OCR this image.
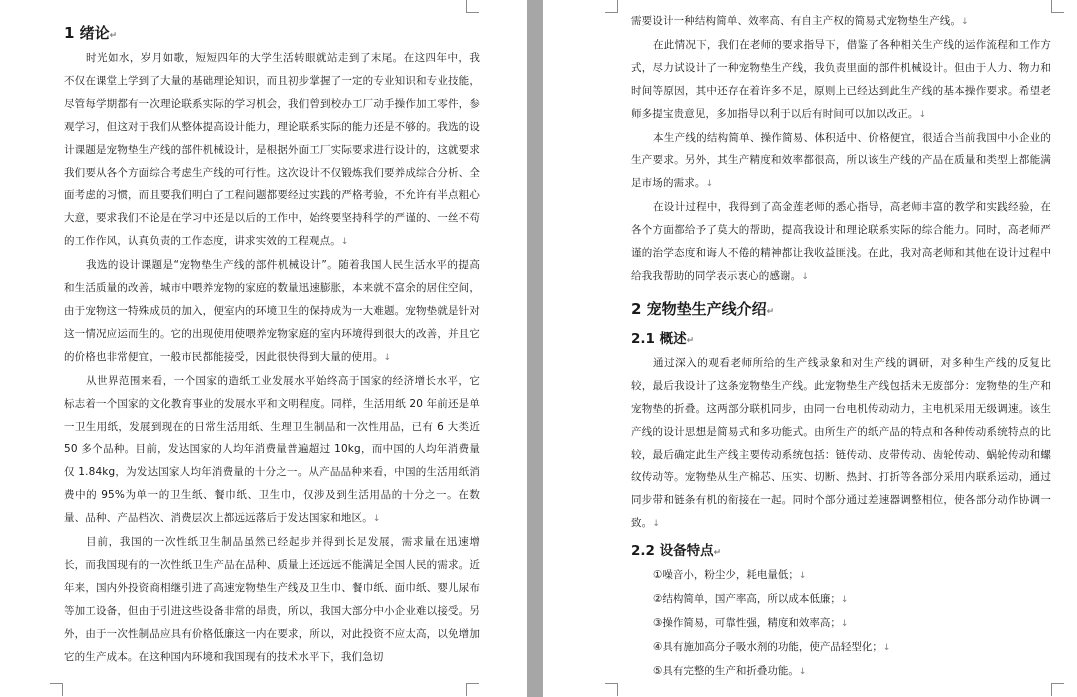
1 绪论↵

时光如水，岁月如歌，短短四年的大学生活转眼就站走到了末尾。在这四年中，我不仅在课堂上学到了大量的基础理论知识，而且初步掌握了一定的专业知识和专业技能，尽管每学期都有一次理论联系实际的学习机会，我们曾到校办工厂动手操作加工零件，参观学习，但这对于我们从整体提高设计能力，理论联系实际的能力还是不够的。我选的设计课题是宠物垫生产线的部件机械设计，是根据外面工厂实际要求进行设计的，这就要求我们要从各个方面综合考虑生产线的可行性。这次设计不仅锻炼我们要养成综合分析、全面考虑的习惯，而且要我们明白了工程问题都要经过实践的严格考验，不允许有半点粗心大意，要求我们不论是在学习中还是以后的工作中，始终要坚持科学的严谨的、一丝不苟的工作作风，认真负责的工作态度，讲求实效的工程观点。↓

我选的设计课题是“宠物垫生产线的部件机械设计”。随着我国人民生活水平的提高和生活质量的改善，城市中喂养宠物的家庭的数量迅速膨胀，本来就不富余的居住空间，由于宠物这一特殊成员的加入，便室内的环境卫生的保持成为一大难题。宠物垫就是针对这一情况应运而生的。它的出现使用使喂养宠物家庭的室内环境得到很大的改善，并且它的价格也非常便宜，一般市民都能接受，因此很快得到大量的使用。↓

从世界范围来看，一个国家的造纸工业发展水平始终高于国家的经济增长水平，它标志着一个国家的文化教育事业的发展水平和文明程度。同样，生活用纸 20 年前还是单一卫生用纸，发展到现在的日常生活用纸、生理卫生制品和一次性用品，已有 6 大类近 50 多个品种。目前，发达国家的人均年消费量普遍超过 10kg，而中国的人均年消费量仅 1.84kg，为发达国家人均年消费量的十分之一。从产品品种来看，中国的生活用纸消费中的 95%为单一的卫生纸、餐巾纸、卫生巾，仅涉及到生活用品的十分之一。在数量、品种、产品档次、消费层次上都远远落后于发达国家和地区。↓

目前，我国的一次性纸卫生制品虽然已经起步并得到长足发展，需求量在迅速增长，而我国现有的一次性纸卫生产品在品种、质量上还远远不能满足全国人民的需求。近年来，国内外投资商相继引进了高速宠物垫生产线及卫生巾、餐巾纸、面巾纸、婴儿尿布等加工设备，但由于引进这些设备非常的昂贵，所以，我国大部分中小企业难以接受。另外，由于一次性制品应具有价格低廉这一内在要求，所以，对此投资不应太高，以免增加它的生产成本。在这种国内环境和我国现有的技术水平下，我们急切

需要设计一种结构简单、效率高、有自主产权的简易式宠物垫生产线。↓

在此情况下，我们在老师的要求指导下，借鉴了各种相关生产线的运作流程和工作方式，尽力试设计了一种宠物垫生产线，我负责里面的部件机械设计。但由于人力、物力和时间等原因，其中还存在着许多不足，原则上已经达到此生产线的基本操作要求。希望老师多提宝贵意见，多加指导以利于以后有时间可以加以改正。↓

本生产线的结构简单、操作简易、体积适中、价格便宜，很适合当前我国中小企业的生产要求。另外，其生产精度和效率都很高，所以该生产线的产品在质量和类型上都能满足市场的需求。↓

在设计过程中，我得到了高金莲老师的悉心指导，高老师丰富的教学和实践经验，在各个方面都给予了莫大的帮助，提高我设计和理论联系实际的综合能力。同时，高老师严谨的治学态度和诲人不倦的精神都让我收益匪浅。在此，我对高老师和其他在设计过程中给我我帮助的同学表示衷心的感谢。↓

2 宠物垫生产线介绍↵
2.1 概述↵

通过深入的观看老师所给的生产线录象和对生产线的调研，对多种生产线的反复比较，最后我设计了这条宠物垫生产线。此宠物垫生产线包括未无废部分：宠物垫的生产和宠物垫的折叠。这两部分联机同步，由同一台电机传动动力，主电机采用无级调速。该生产线的设计思想是简易式和多功能式。由所生产的纸产品的特点和各种传动系统特点的比较，最后确定此生产线主要传动系统包括：链传动、皮带传动、齿轮传动、蜗轮传动和螺纹传动等。宠物垫从生产棉芯、压实、切断、热封、打折等各部分采用内联系运动，通过同步带和链条有机的衔接在一起。同时个部分通过差速器调整相位，使各部分动作协调一致。↓

2.2 设备特点↵

①噪音小，粉尘少，耗电量低；↓

②结构简单，国产率高，所以成本低廉；↓

③操作简易，可靠性强，精度和效率高；↓

④具有施加高分子吸水剂的功能，使产品轻型化；↓

⑤具有完整的生产和折叠功能。↓
